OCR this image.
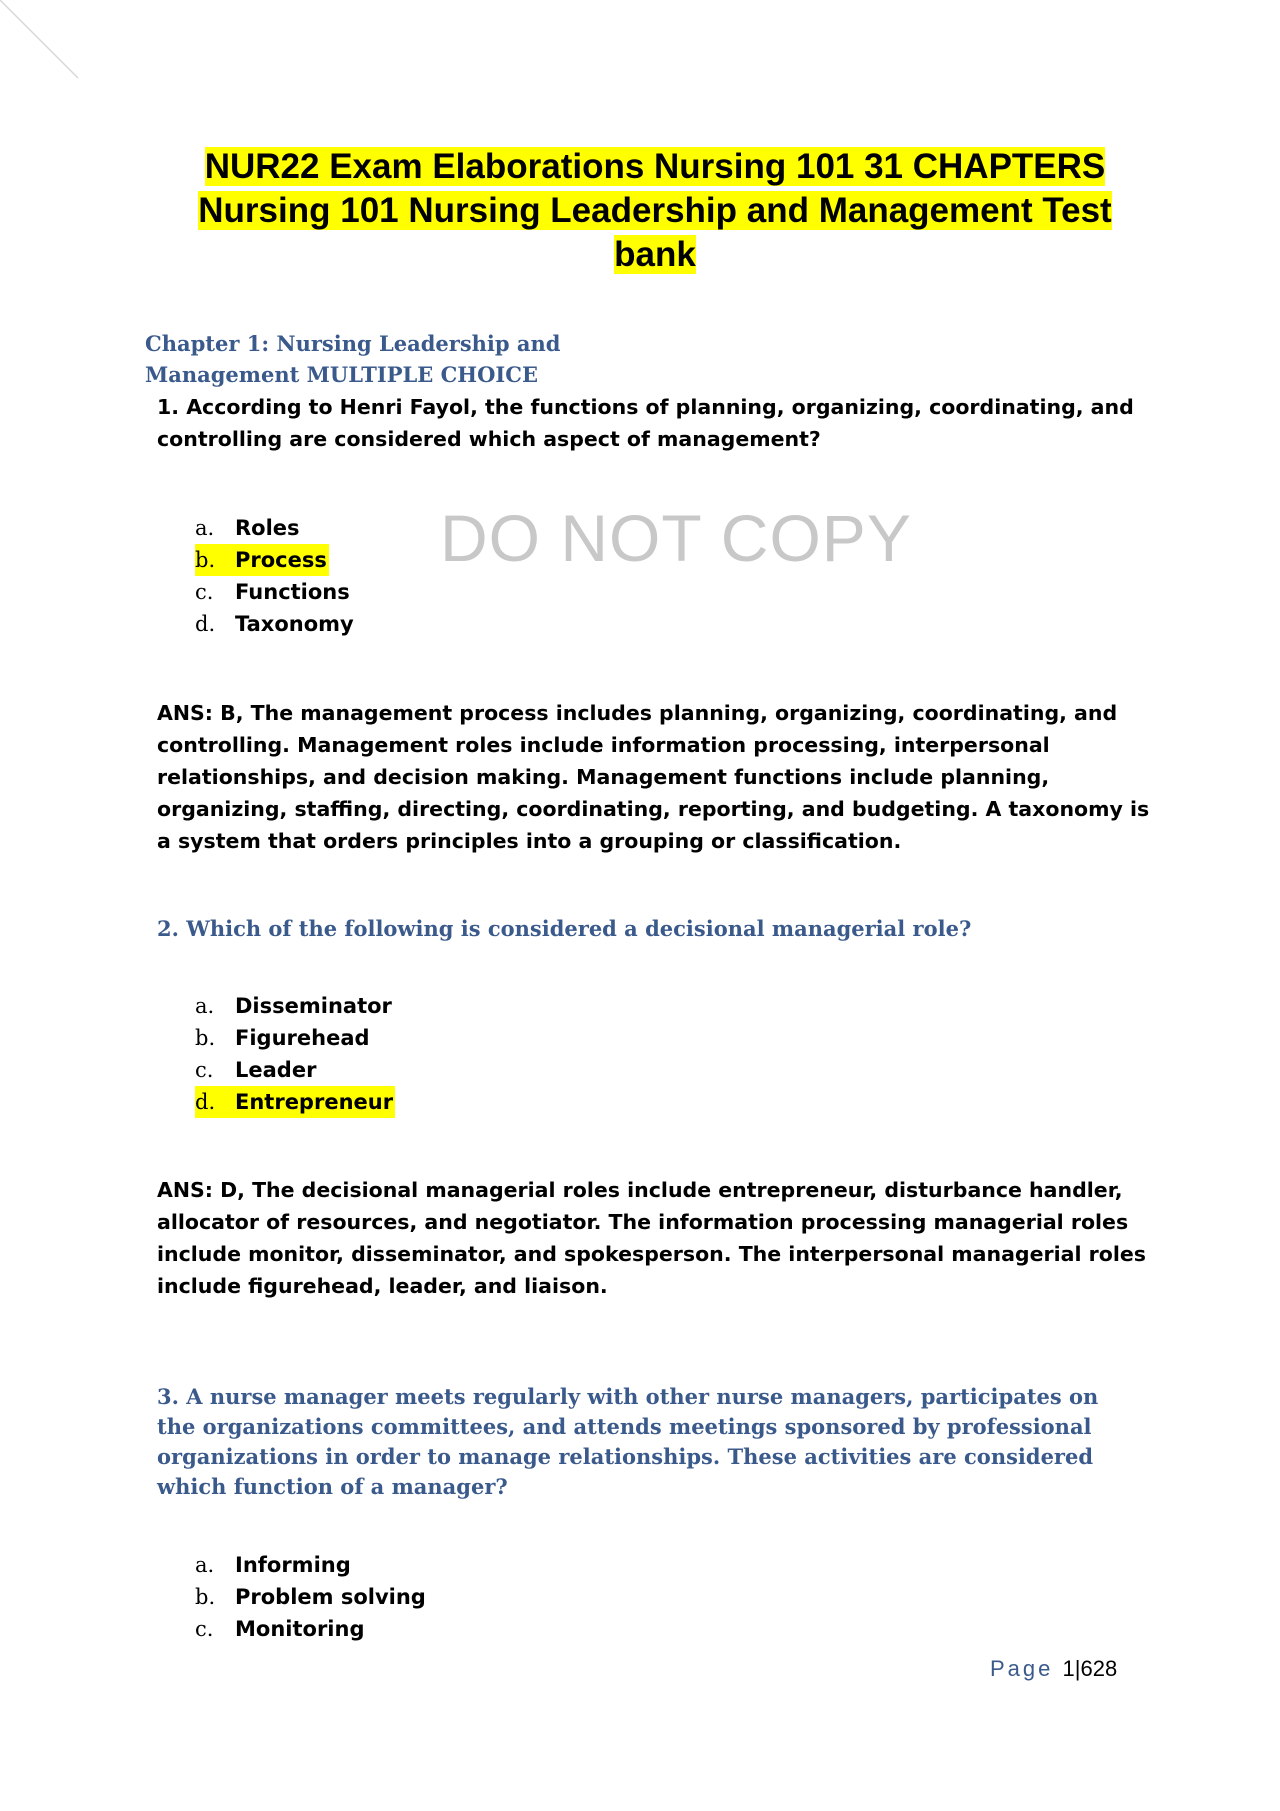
DO NOT COPY
NUR22 Exam Elaborations Nursing 101 31 CHAPTERS
Nursing 101 Nursing Leadership and Management Test
bank
Chapter 1: Nursing Leadership and
Management MULTIPLE CHOICE
1. According to Henri Fayol, the functions of planning, organizing, coordinating, and controlling are considered which aspect of management?
a. Roles
b. Process
c.	Functions
d. Taxonomy
ANS: B, The management process includes planning, organizing, coordinating, and controlling. Management roles include information processing, interpersonal relationships, and decision making. Management functions include planning, organizing, staffing, directing, coordinating, reporting, and budgeting. A taxonomy is a system that orders principles into a grouping or classification.
2. Which of the following is considered a decisional managerial role?
a. Disseminator
b. Figurehead
c.	Leader
d. Entrepreneur
ANS: D, The decisional managerial roles include entrepreneur, disturbance handler, allocator of resources, and negotiator. The information processing managerial roles include monitor, disseminator, and spokesperson. The interpersonal managerial roles include figurehead, leader, and liaison.
3. A nurse manager meets regularly with other nurse managers, participates on the organizations committees, and attends meetings sponsored by professional organizations in order to manage relationships. These activities are considered which function of a manager?
a. Informing
b. Problem solving
c.	Monitoring
Page 1|628
